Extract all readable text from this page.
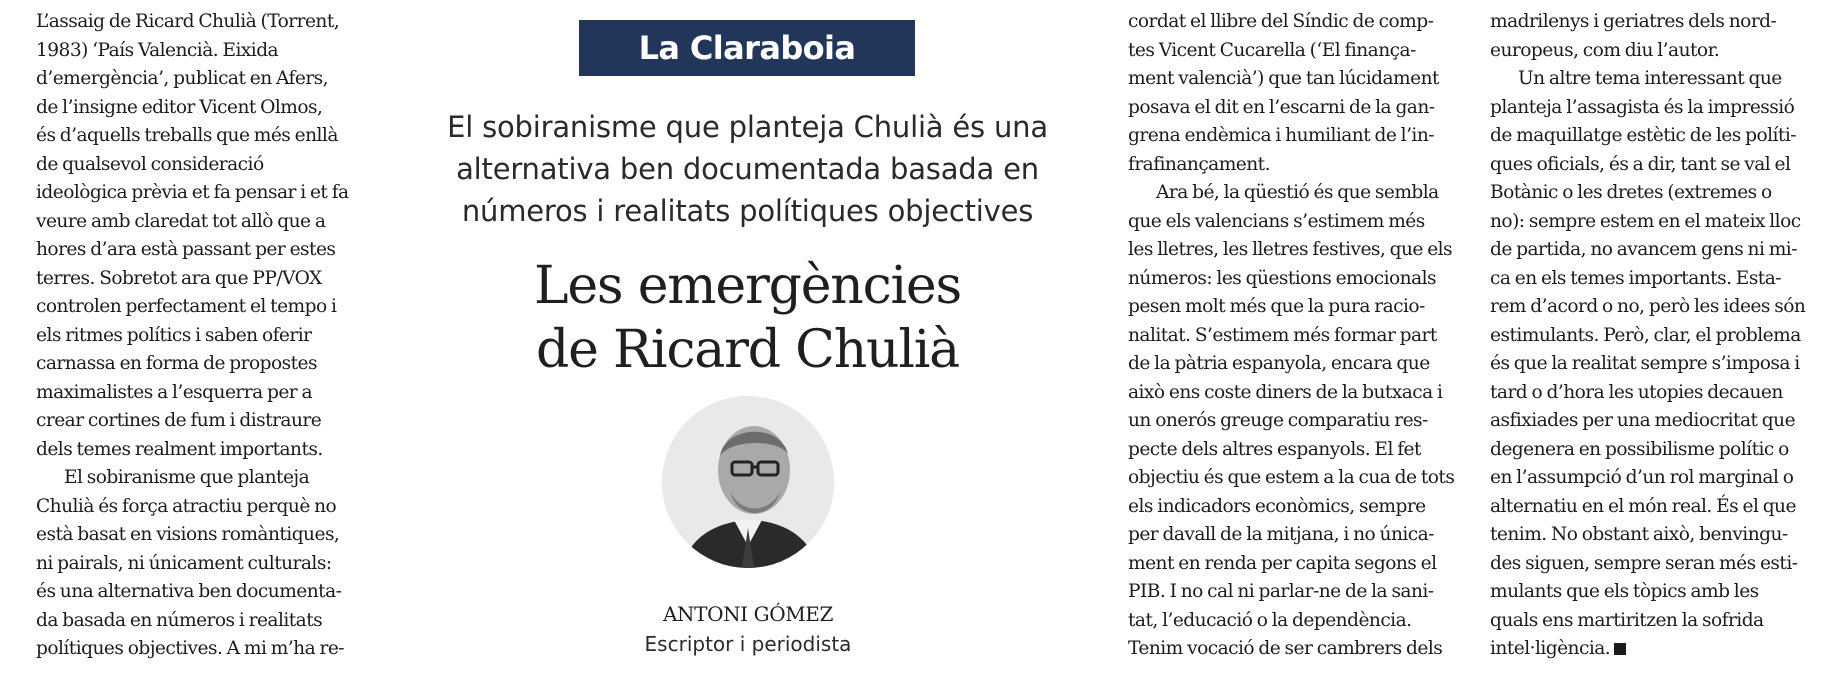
La Claraboia
El sobiranisme que planteja Chulià és una
alternativa ben documentada basada en
números i realitats polítiques objectives
Les emergències
de Ricard Chulià
ANTONI GÓMEZ
Escriptor i periodista
L’assaig de Ricard Chulià (Torrent,
1983) ‘País Valencià. Eixida
d’emergència’, publicat en Afers,
de l’insigne editor Vicent Olmos,
és d’aquells treballs que més enllà
de qualsevol consideració
ideològica prèvia et fa pensar i et fa
veure amb claredat tot allò que a
hores d’ara està passant per estes
terres. Sobretot ara que PP/VOX
controlen perfectament el tempo i
els ritmes polítics i saben oferir
carnassa en forma de propostes
maximalistes a l’esquerra per a
crear cortines de fum i distraure
dels temes realment importants.
El sobiranisme que planteja
Chulià és força atractiu perquè no
està basat en visions romàntiques,
ni pairals, ni únicament culturals:
és una alternativa ben documenta-
da basada en números i realitats
polítiques objectives. A mi m’ha re-
cordat el llibre del Síndic de comp-
tes Vicent Cucarella (‘El finança-
ment valencià’) que tan lúcidament
posava el dit en l’escarni de la gan-
grena endèmica i humiliant de l’in-
frafinançament.
Ara bé, la qüestió és que sembla
que els valencians s’estimem més
les lletres, les lletres festives, que els
números: les qüestions emocionals
pesen molt més que la pura racio-
nalitat. S’estimem més formar part
de la pàtria espanyola, encara que
això ens coste diners de la butxaca i
un onerós greuge comparatiu res-
pecte dels altres espanyols. El fet
objectiu és que estem a la cua de tots
els indicadors econòmics, sempre
per davall de la mitjana, i no única-
ment en renda per capita segons el
PIB. I no cal ni parlar-ne de la sani-
tat, l’educació o la dependència.
Tenim vocació de ser cambrers dels
madrilenys i geriatres dels nord-
europeus, com diu l’autor.
Un altre tema interessant que
planteja l’assagista és la impressió
de maquillatge estètic de les políti-
ques oficials, és a dir, tant se val el
Botànic o les dretes (extremes o
no): sempre estem en el mateix lloc
de partida, no avancem gens ni mi-
ca en els temes importants. Esta-
rem d’acord o no, però les idees són
estimulants. Però, clar, el problema
és que la realitat sempre s’imposa i
tard o d’hora les utopies decauen
asfixiades per una mediocritat que
degenera en possibilisme polític o
en l’assumpció d’un rol marginal o
alternatiu en el món real. És el que
tenim. No obstant això, benvingu-
des siguen, sempre seran més esti-
mulants que els tòpics amb les
quals ens martiritzen la sofrida
intel·ligència.
